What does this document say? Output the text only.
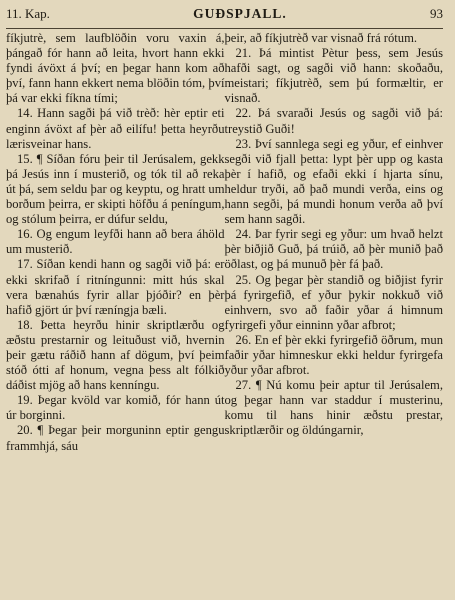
11. Kap.	GUÐSPJALL.	93

fíkjutrè, sem laufblöðin voru vaxin á, þángað fór hann að leita, hvort hann ekki fyndi ávöxt á því; en þegar hann kom að því, fann hann ekkert nema blöðin tóm, því þá var ekki fíkna tími;

14. Hann sagði þá við trèð: hèr eptir eti enginn ávöxt af þèr að eilífu! þetta heyrðu lærisveinar hans.

15. ¶ Síðan fóru þeir til Jerúsalem, gekk þá Jesús inn í musterið, og tók til að reka út þá, sem seldu þar og keyptu, og hratt um borðum þeirra, er skipti höfðu á peníngum, og stólum þeirra, er dúfur seldu,

16. Og engum leyfði hann að bera áhöld um musterið.

17. Síðan kendi hann og sagði við þá: er ekki skrifað í ritníngunni: mitt hús skal vera bænahús fyrir allar þjóðir? en þèr hafið gjört úr því ræníngja bæli.

18. Þetta heyrðu hinir skriptlærðu og æðstu prestarnir og leituðust við, hvernin þeir gætu ráðið hann af dögum, því þeim stóð ótti af honum, vegna þess alt fólkið dáðist mjög að hans kenníngu.

19. Þegar kvöld var komið, fór hann út úr borginni.

20. ¶ Þegar þeir morguninn eptir gengu frammhjá, sáu

þeir, að fíkjutrèð var visnað frá rótum.

21. Þá mintist Pètur þess, sem Jesús hafði sagt, og sagði við hann: skoðaðu, meistari; fíkjutrèð, sem þú formæltir, er visnað.

22. Þá svaraði Jesús og sagði við þá: treystið Guði!

23. Því sannlega segi eg yður, ef einhver segði við fjall þetta: lypt þèr upp og kasta þèr í hafið, og efaði ekki í hjarta sínu, heldur tryði, að það mundi verða, eins og hann segði, þá mundi honum verða að því sem hann sagði.

24. Þar fyrir segi eg yður: um hvað helzt þèr biðjið Guð, þá trúið, að þèr munið það öðlast, og þá munuð þèr fá það.

25. Og þegar þèr standið og biðjist fyrir þá fyrirgefið, ef yður þykir nokkuð við einhvern, svo að faðir yðar á himnum fyrirgefi yður einninn yðar afbrot;

26. En ef þèr ekki fyrirgefið öðrum, mun faðir yðar himneskur ekki heldur fyrirgefa yður yðar afbrot.

27. ¶ Nú komu þeir aptur til Jerúsalem, og þegar hann var staddur í musterinu, komu til hans hinir æðstu prestar, skriptlærðir og öldúngarnir,
